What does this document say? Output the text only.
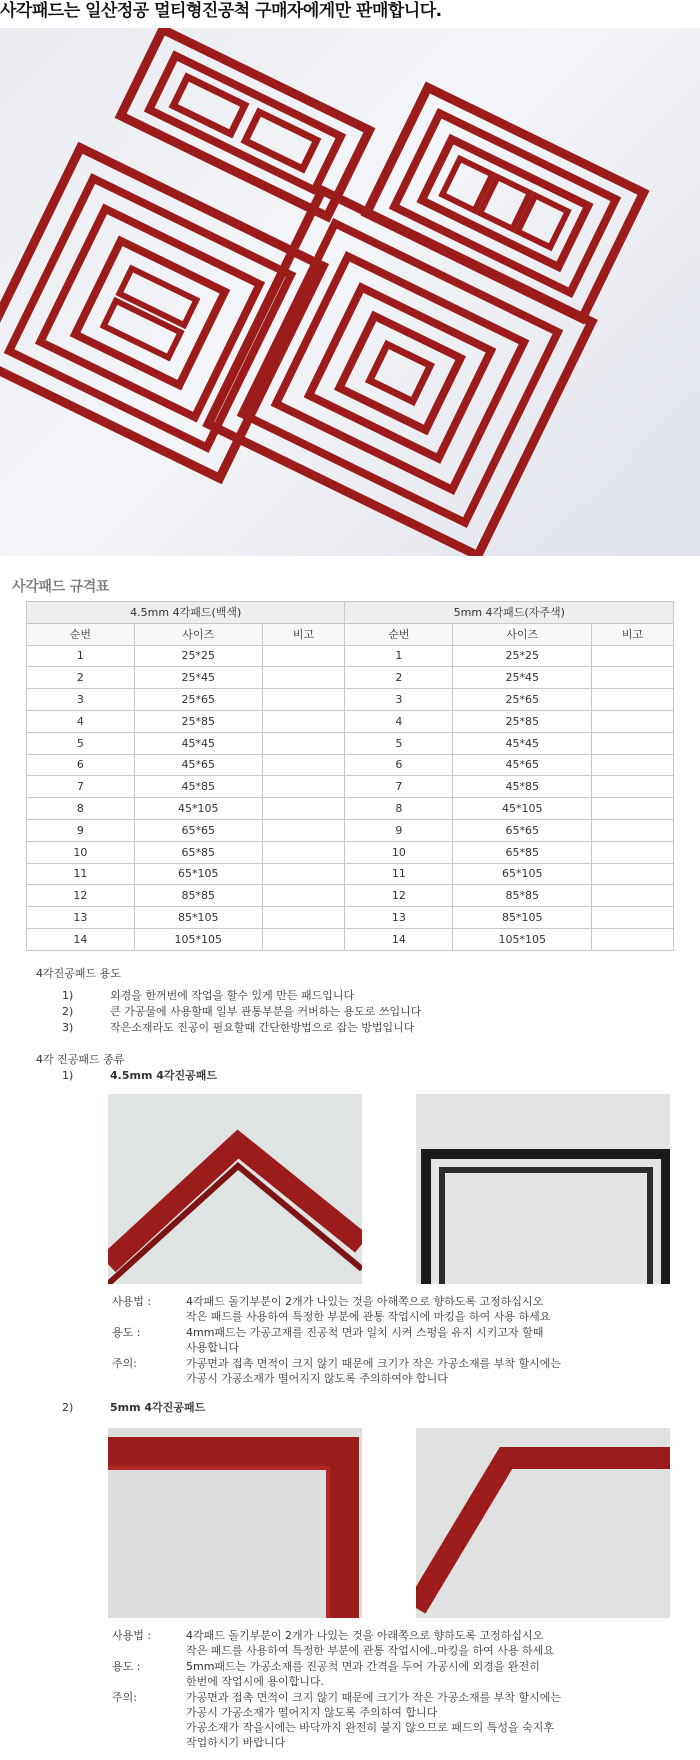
사각패드는 일산정공 멀티형진공척 구매자에게만 판매합니다.
사각패드 규격표
4.5mm 4각패드(백색)			5mm 4각패드(자주색)		
순번	사이즈	비고	순번	사이즈	비고
1	25*25		1	25*25	
2	25*45		2	25*45	
3	25*65		3	25*65	
4	25*85		4	25*85	
5	45*45		5	45*45	
6	45*65		6	45*65	
7	45*85		7	45*85	
8	45*105		8	45*105	
9	65*65		9	65*65	
10	65*85		10	65*85	
11	65*105		11	65*105	
12	85*85		12	85*85	
13	85*105		13	85*105	
14	105*105		14	105*105	
4각진공패드 용도
1)	외경을 한꺼번에 작업을 할수 있게 만든 패드입니다
2)	큰 가공물에 사용할때 일부 관통부분을 커버하는 용도로 쓰입니다
3)	작은소재라도 진공이 필요할때 간단한방법으로 잡는 방법입니다
4각 진공패드 종류
1)	4.5mm 4각진공패드
사용법 :	4각패드 돌기부분이 2개가 나있는 것을 아해쪽으로 향하도록 고정하십시오
작은 패드를 사용하여 특정한 부분에 관통 작업시에 마킹을 하여 사용 하세요
용도 :	4mm패드는 가공고재를 진공척 면과 일치 시켜 스펑을 유지 시키고자 할때
사용합니다
주의:	가공면과 접촉 면적이 크지 않기 때문에 크기가 작은 가공소재를 부착 할시에는
가공시 가공소재가 떨어지지 않도록 주의하여야 합니다
2)	5mm 4각진공패드
사용법 :	4각패드 돌기부분이 2개가 나있는 것을 아래쪽으로 향하도록 고정하십시오
작은 패드를 사용하여 특정한 부분에 관통 작업시에..마킹을 하여 사용 하세요
용도 :	5mm패드는 가공소재를 진공척 면과 간격을 두어 가공시에 외경을 완전히
한번에 작업시에 용이합니다.
주의:	가공면과 접촉 면적이 크지 않기 때문에 크기가 작은 가공소재를 부착 할시에는
가공시 가공소재가 떨어지지 않도록 주의하여 합니다
가공소재가 작을시에는 바닥까지 완전히 붙지 않으므로 패드의 특성을 숙지후
작업하시기 바랍니다
